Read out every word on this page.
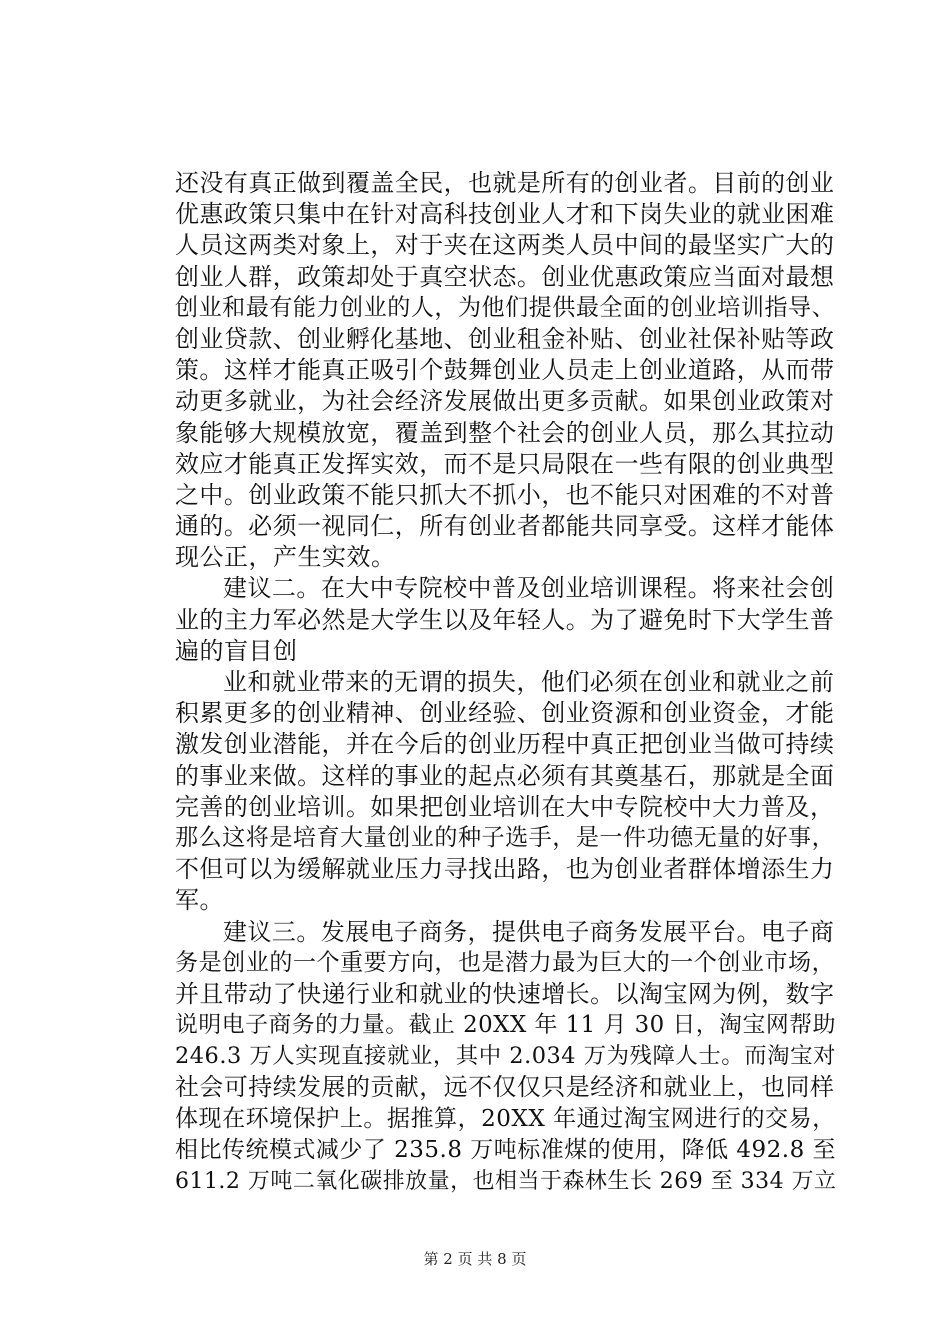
还没有真正做到覆盖全民，也就是所有的创业者。目前的创业
优惠政策只集中在针对高科技创业人才和下岗失业的就业困难
人员这两类对象上，对于夹在这两类人员中间的最坚实广大的
创业人群，政策却处于真空状态。创业优惠政策应当面对最想
创业和最有能力创业的人，为他们提供最全面的创业培训指导、
创业贷款、创业孵化基地、创业租金补贴、创业社保补贴等政
策。这样才能真正吸引个鼓舞创业人员走上创业道路，从而带
动更多就业，为社会经济发展做出更多贡献。如果创业政策对
象能够大规模放宽，覆盖到整个社会的创业人员，那么其拉动
效应才能真正发挥实效，而不是只局限在一些有限的创业典型
之中。创业政策不能只抓大不抓小，也不能只对困难的不对普
通的。必须一视同仁，所有创业者都能共同享受。这样才能体
现公正，产生实效。
建议二。在大中专院校中普及创业培训课程。将来社会创
业的主力军必然是大学生以及年轻人。为了避免时下大学生普
遍的盲目创
业和就业带来的无谓的损失，他们必须在创业和就业之前
积累更多的创业精神、创业经验、创业资源和创业资金，才能
激发创业潜能，并在今后的创业历程中真正把创业当做可持续
的事业来做。这样的事业的起点必须有其奠基石，那就是全面
完善的创业培训。如果把创业培训在大中专院校中大力普及，
那么这将是培育大量创业的种子选手，是一件功德无量的好事，
不但可以为缓解就业压力寻找出路，也为创业者群体增添生力
军。
建议三。发展电子商务，提供电子商务发展平台。电子商
务是创业的一个重要方向，也是潜力最为巨大的一个创业市场，
并且带动了快递行业和就业的快速增长。以淘宝网为例，数字
说明电子商务的力量。截止 20XX 年 11 月 30 日，淘宝网帮助
246.3 万人实现直接就业，其中 2.034 万为残障人士。而淘宝对
社会可持续发展的贡献，远不仅仅只是经济和就业上，也同样
体现在环境保护上。据推算，20XX 年通过淘宝网进行的交易，
相比传统模式减少了 235.8 万吨标准煤的使用，降低 492.8 至
611.2 万吨二氧化碳排放量，也相当于森林生长 269 至 334 万立
第 2 页 共 8 页
